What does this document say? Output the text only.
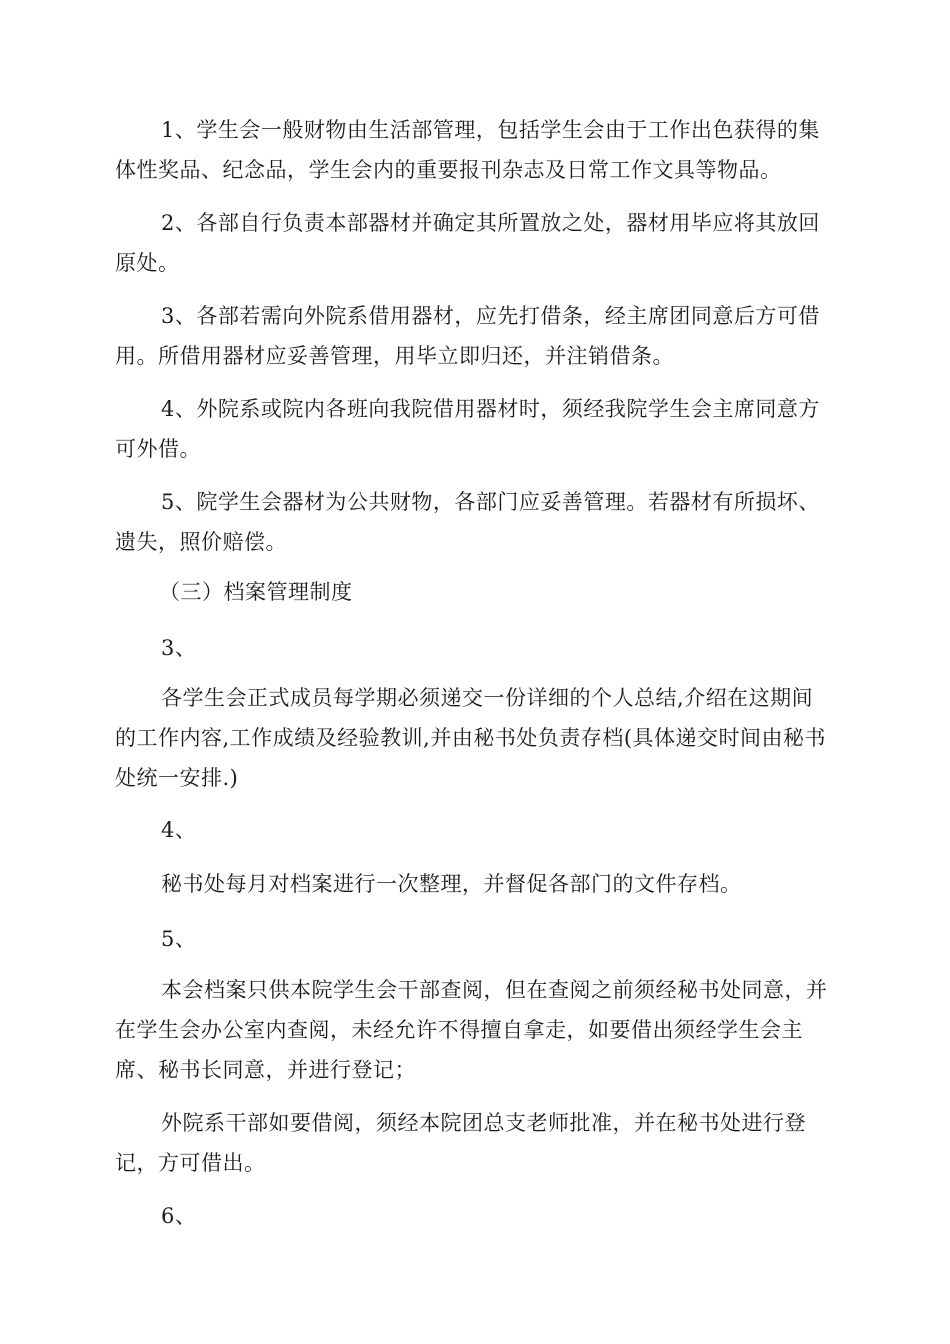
1、学生会一般财物由生活部管理，包括学生会由于工作出色获得的集体性奖品、纪念品，学生会内的重要报刊杂志及日常工作文具等物品。

2、各部自行负责本部器材并确定其所置放之处，器材用毕应将其放回原处。

3、各部若需向外院系借用器材，应先打借条，经主席团同意后方可借用。所借用器材应妥善管理，用毕立即归还，并注销借条。

4、外院系或院内各班向我院借用器材时，须经我院学生会主席同意方可外借。

5、院学生会器材为公共财物，各部门应妥善管理。若器材有所损坏、遗失，照价赔偿。

（三）档案管理制度

3、

各学生会正式成员每学期必须递交一份详细的个人总结,介绍在这期间的工作内容,工作成绩及经验教训,并由秘书处负责存档(具体递交时间由秘书处统一安排.)

4、

秘书处每月对档案进行一次整理，并督促各部门的文件存档。

5、

本会档案只供本院学生会干部查阅，但在查阅之前须经秘书处同意，并在学生会办公室内查阅，未经允许不得擅自拿走，如要借出须经学生会主席、秘书长同意，并进行登记；

外院系干部如要借阅，须经本院团总支老师批准，并在秘书处进行登记，方可借出。

6、
